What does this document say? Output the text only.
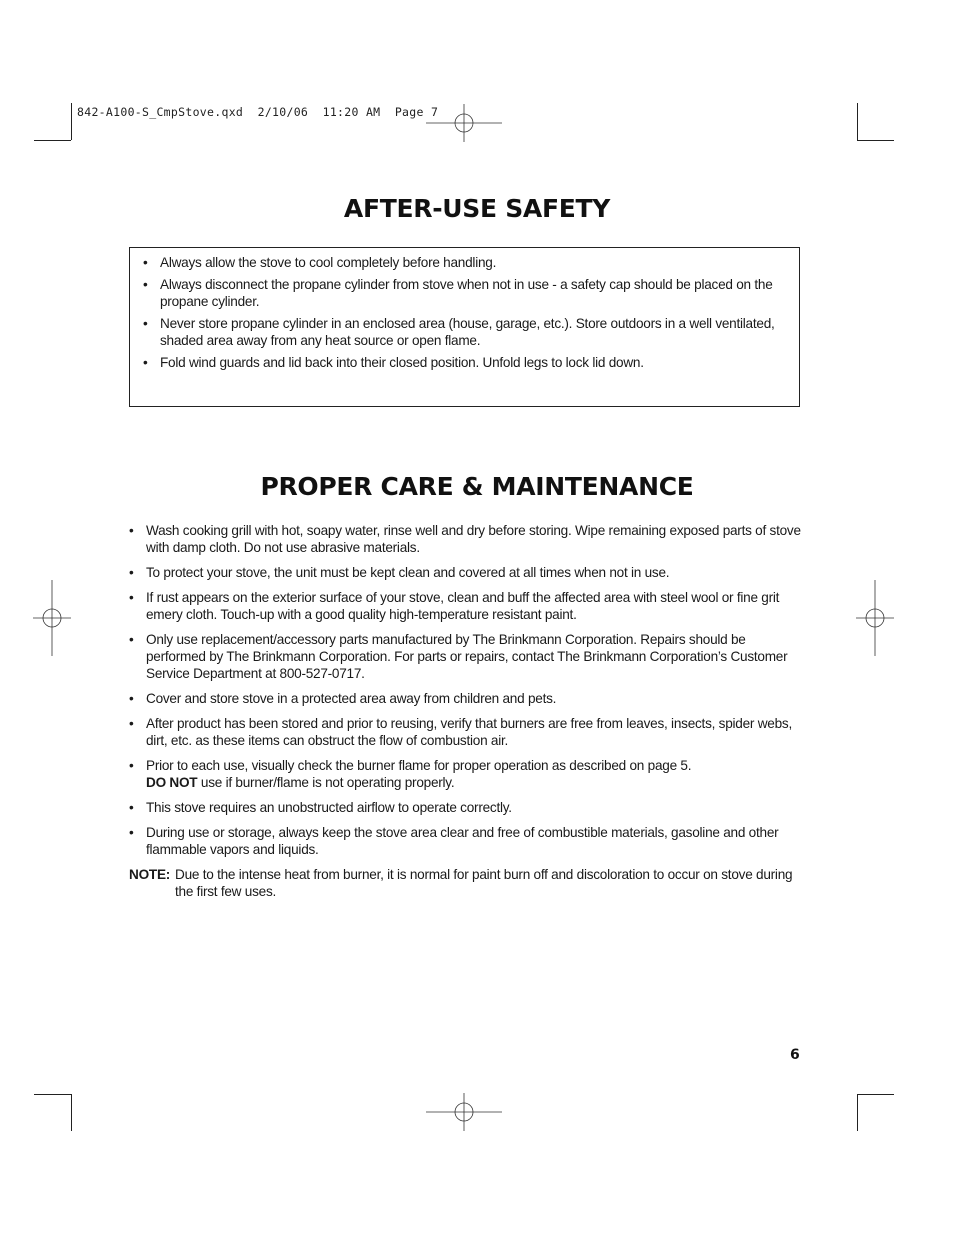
842-A100-S_CmpStove.qxd  2/10/06  11:20 AM  Page 7
AFTER-USE SAFETY
• Always allow the stove to cool completely before handling.
• Always disconnect the propane cylinder from stove when not in use - a safety cap should be placed on the propane cylinder.
• Never store propane cylinder in an enclosed area (house, garage, etc.). Store outdoors in a well ventilated, shaded area away from any heat source or open flame.
• Fold wind guards and lid back into their closed position. Unfold legs to lock lid down.
PROPER CARE & MAINTENANCE
• Wash cooking grill with hot, soapy water, rinse well and dry before storing. Wipe remaining exposed parts of stove with damp cloth. Do not use abrasive materials.
• To protect your stove, the unit must be kept clean and covered at all times when not in use.
• If rust appears on the exterior surface of your stove, clean and buff the affected area with steel wool or fine grit emery cloth. Touch-up with a good quality high-temperature resistant paint.
• Only use replacement/accessory parts manufactured by The Brinkmann Corporation. Repairs should be performed by The Brinkmann Corporation. For parts or repairs, contact The Brinkmann Corporation’s Customer Service Department at 800-527-0717.
• Cover and store stove in a protected area away from children and pets.
• After product has been stored and prior to reusing, verify that burners are free from leaves, insects, spider webs, dirt, etc. as these items can obstruct the flow of combustion air.
• Prior to each use, visually check the burner flame for proper operation as described on page 5.
DO NOT use if burner/flame is not operating properly.
• This stove requires an unobstructed airflow to operate correctly.
• During use or storage, always keep the stove area clear and free of combustible materials, gasoline and other flammable vapors and liquids.
NOTE: Due to the intense heat from burner, it is normal for paint burn off and discoloration to occur on stove during the first few uses.
6
